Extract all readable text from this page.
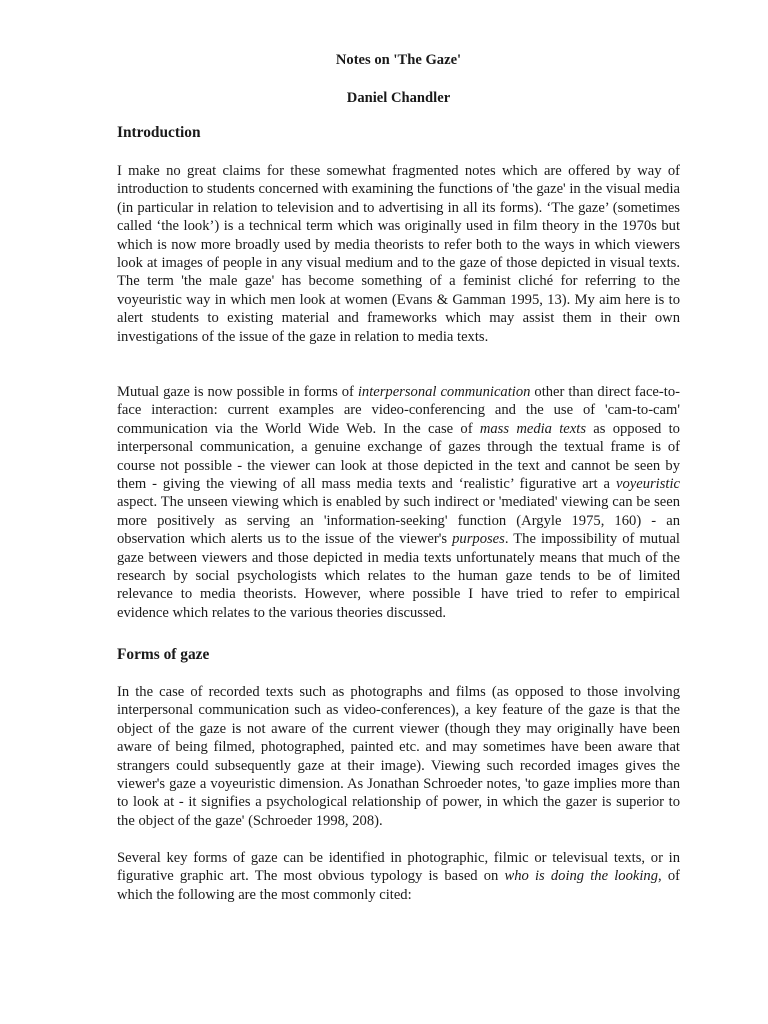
Notes on 'The Gaze'
Daniel Chandler
Introduction

I make no great claims for these somewhat fragmented notes which are offered by way of introduction to students concerned with examining the functions of 'the gaze' in the visual media (in particular in relation to television and to advertising in all its forms). ‘The gaze’ (sometimes called ‘the look’) is a technical term which was originally used in film theory in the 1970s but which is now more broadly used by media theorists to refer both to the ways in which viewers look at images of people in any visual medium and to the gaze of those depicted in visual texts. The term 'the male gaze' has become something of a feminist cliché for referring to the voyeuristic way in which men look at women (Evans & Gamman 1995, 13). My aim here is to alert students to existing material and frameworks which may assist them in their own investigations of the issue of the gaze in relation to media texts.

Mutual gaze is now possible in forms of interpersonal communication other than direct face-to-face interaction: current examples are video-conferencing and the use of 'cam-to-cam' communication via the World Wide Web. In the case of mass media texts as opposed to interpersonal communication, a genuine exchange of gazes through the textual frame is of course not possible - the viewer can look at those depicted in the text and cannot be seen by them - giving the viewing of all mass media texts and ‘realistic’ figurative art a voyeuristic aspect. The unseen viewing which is enabled by such indirect or 'mediated' viewing can be seen more positively as serving an 'information-seeking' function (Argyle 1975, 160) - an observation which alerts us to the issue of the viewer's purposes. The impossibility of mutual gaze between viewers and those depicted in media texts unfortunately means that much of the research by social psychologists which relates to the human gaze tends to be of limited relevance to media theorists. However, where possible I have tried to refer to empirical evidence which relates to the various theories discussed.

Forms of gaze

In the case of recorded texts such as photographs and films (as opposed to those involving interpersonal communication such as video-conferences), a key feature of the gaze is that the object of the gaze is not aware of the current viewer (though they may originally have been aware of being filmed, photographed, painted etc. and may sometimes have been aware that strangers could subsequently gaze at their image). Viewing such recorded images gives the viewer's gaze a voyeuristic dimension. As Jonathan Schroeder notes, 'to gaze implies more than to look at - it signifies a psychological relationship of power, in which the gazer is superior to the object of the gaze' (Schroeder 1998, 208).

Several key forms of gaze can be identified in photographic, filmic or televisual texts, or in figurative graphic art. The most obvious typology is based on who is doing the looking, of which the following are the most commonly cited:
